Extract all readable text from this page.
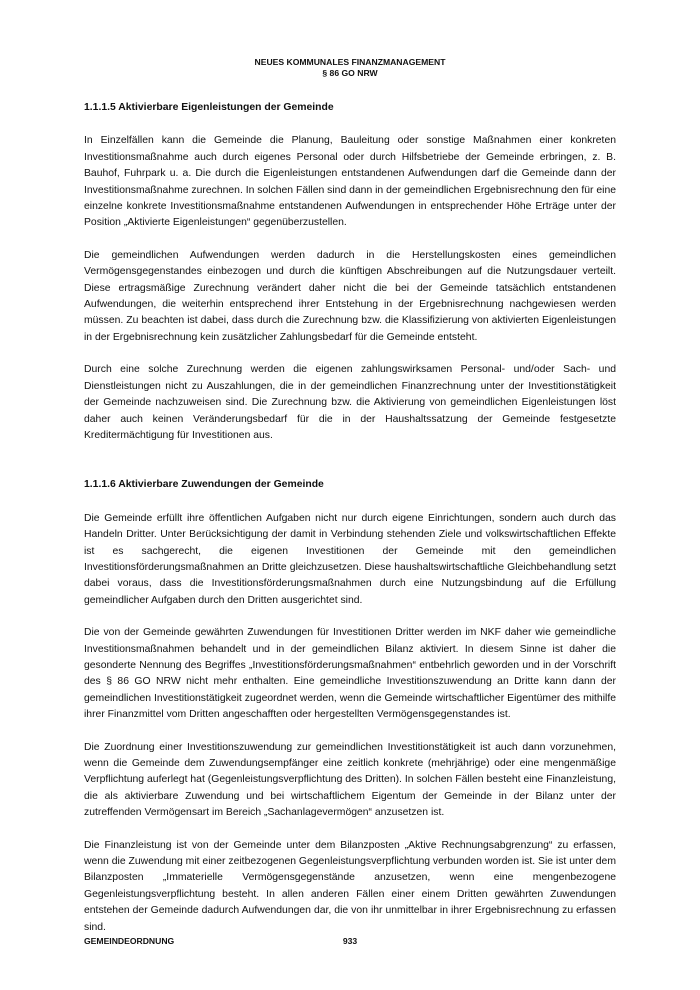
NEUES KOMMUNALES FINANZMANAGEMENT
§ 86 GO NRW
1.1.1.5 Aktivierbare Eigenleistungen der Gemeinde

In Einzelfällen kann die Gemeinde die Planung, Bauleitung oder sonstige Maßnahmen einer konkreten Investitionsmaßnahme auch durch eigenes Personal oder durch Hilfsbetriebe der Gemeinde erbringen, z. B. Bauhof, Fuhrpark u. a. Die durch die Eigenleistungen entstandenen Aufwendungen darf die Gemeinde dann der Investitionsmaßnahme zurechnen. In solchen Fällen sind dann in der gemeindlichen Ergebnisrechnung den für eine einzelne konkrete Investitionsmaßnahme entstandenen Aufwendungen in entsprechender Höhe Erträge unter der Position „Aktivierte Eigenleistungen“ gegenüberzustellen.

Die gemeindlichen Aufwendungen werden dadurch in die Herstellungskosten eines gemeindlichen Vermögensgegenstandes einbezogen und durch die künftigen Abschreibungen auf die Nutzungsdauer verteilt. Diese ertragsmäßige Zurechnung verändert daher nicht die bei der Gemeinde tatsächlich entstandenen Aufwendungen, die weiterhin entsprechend ihrer Entstehung in der Ergebnisrechnung nachgewiesen werden müssen. Zu beachten ist dabei, dass durch die Zurechnung bzw. die Klassifizierung von aktivierten Eigenleistungen in der Ergebnisrechnung kein zusätzlicher Zahlungsbedarf für die Gemeinde entsteht.

Durch eine solche Zurechnung werden die eigenen zahlungswirksamen Personal- und/oder Sach- und Dienstleistungen nicht zu Auszahlungen, die in der gemeindlichen Finanzrechnung unter der Investitionstätigkeit der Gemeinde nachzuweisen sind. Die Zurechnung bzw. die Aktivierung von gemeindlichen Eigenleistungen löst daher auch keinen Veränderungsbedarf für die in der Haushaltssatzung der Gemeinde festgesetzte Kreditermächtigung für Investitionen aus.

1.1.1.6 Aktivierbare Zuwendungen der Gemeinde

Die Gemeinde erfüllt ihre öffentlichen Aufgaben nicht nur durch eigene Einrichtungen, sondern auch durch das Handeln Dritter. Unter Berücksichtigung der damit in Verbindung stehenden Ziele und volkswirtschaftlichen Effekte ist es sachgerecht, die eigenen Investitionen der Gemeinde mit den gemeindlichen Investitionsförderungsmaßnahmen an Dritte gleichzusetzen. Diese haushaltswirtschaftliche Gleichbehandlung setzt dabei voraus, dass die Investitionsförderungsmaßnahmen durch eine Nutzungsbindung auf die Erfüllung gemeindlicher Aufgaben durch den Dritten ausgerichtet sind.

Die von der Gemeinde gewährten Zuwendungen für Investitionen Dritter werden im NKF daher wie gemeindliche Investitionsmaßnahmen behandelt und in der gemeindlichen Bilanz aktiviert. In diesem Sinne ist daher die gesonderte Nennung des Begriffes „Investitionsförderungsmaßnahmen“ entbehrlich geworden und in der Vorschrift des § 86 GO NRW nicht mehr enthalten. Eine gemeindliche Investitionszuwendung an Dritte kann dann der gemeindlichen Investitionstätigkeit zugeordnet werden, wenn die Gemeinde wirtschaftlicher Eigentümer des mithilfe ihrer Finanzmittel vom Dritten angeschafften oder hergestellten Vermögensgegenstandes ist.

Die Zuordnung einer Investitionszuwendung zur gemeindlichen Investitionstätigkeit ist auch dann vorzunehmen, wenn die Gemeinde dem Zuwendungsempfänger eine zeitlich konkrete (mehrjährige) oder eine mengenmäßige Verpflichtung auferlegt hat (Gegenleistungsverpflichtung des Dritten). In solchen Fällen besteht eine Finanzleistung, die als aktivierbare Zuwendung und bei wirtschaftlichem Eigentum der Gemeinde in der Bilanz unter der zutreffenden Vermögensart im Bereich „Sachanlagevermögen“ anzusetzen ist.

Die Finanzleistung ist von der Gemeinde unter dem Bilanzposten „Aktive Rechnungsabgrenzung“ zu erfassen, wenn die Zuwendung mit einer zeitbezogenen Gegenleistungsverpflichtung verbunden worden ist. Sie ist unter dem Bilanzposten „Immaterielle Vermögensgegenstände anzusetzen, wenn eine mengenbezogene Gegenleistungsverpflichtung besteht. In allen anderen Fällen einer einem Dritten gewährten Zuwendungen entstehen der Gemeinde dadurch Aufwendungen dar, die von ihr unmittelbar in ihrer Ergebnisrechnung zu erfassen sind.

GEMEINDEORDNUNG	933
